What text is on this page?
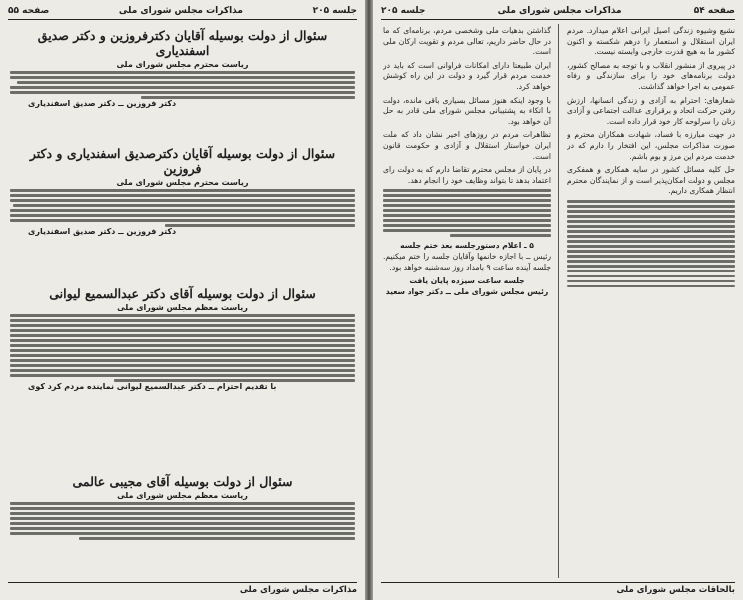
جلسه ۲۰۵
مذاکرات مجلس شورای ملی
صفحه ۵۵
سئوال از دولت بوسیله آقایان دکترفروزین و دکتر صدیق اسفندیاری
ریاست محترم مجلس شورای ملی
دکتر فروزین ــ دکتر صدیق اسفندیاری
سئوال از دولت بوسیله آقایان دکترصدیق اسفندیاری و دکتر فروزین
ریاست محترم مجلس شورای ملی
دکتر فروزین ــ دکتر صدیق اسفندیاری
سئوال از دولت بوسیله آقای دکتر عبدالسمیع لیوانی
ریاست معظم مجلس شورای ملی
با تقدیم احترام ــ دکتر عبدالسمیع لیوانی نماینده مردم کرد کوی
سئوال از دولت بوسیله آقای مجیبی عالمی
ریاست معظم مجلس شورای ملی
مذاکرات مجلس شورای ملی
صفحه ۵۴
مذاکرات مجلس شورای ملی
جلسه ۲۰۵

نشیع وشیوه زندگی اصیل ایرانی اعلام میدارد. مردم ایران استقلال و استعمار را درهم شکسته و اکنون کشور ما به هیچ قدرت خارجی وابسته نیست.

در پیروی از منشور انقلاب و با توجه به مصالح کشور، دولت برنامه‌های خود را برای سازندگی و رفاه عمومی به اجرا خواهد گذاشت.

شعارهای: احترام به آزادی و زندگی انسانها، ارزش رفتن حرکت اتحاد و برقراری عدالت اجتماعی و آزادی زنان را سرلوحه کار خود قرار داده است.

در جهت مبارزه با فساد، شهادت همکاران محترم و صورت مذاکرات مجلس، این افتخار را دارم که در خدمت مردم این مرز و بوم باشم.

حل کلیه مسائل کشور در سایه همکاری و همفکری مجلس و دولت امکان‌پذیر است و از نمایندگان محترم انتظار همکاری داریم.

گذاشتن بدهیات ملی وشخصی مردم، برنامه‌ای که ما در حال حاضر داریم، تعالی مردم و تقویت ارکان ملی است.

ایران طبیعتا دارای امکانات فراوانی است که باید در خدمت مردم قرار گیرد و دولت در این راه کوشش خواهد کرد.

با وجود اینکه هنوز مسائل بسیاری باقی مانده، دولت با اتکاء به پشتیبانی مجلس شورای ملی قادر به حل آن خواهد بود.

تظاهرات مردم در روزهای اخیر نشان داد که ملت ایران خواستار استقلال و آزادی و حکومت قانون است.

در پایان از مجلس محترم تقاضا دارم که به دولت رای اعتماد بدهد تا بتواند وظایف خود را انجام دهد.

۵ ـ اعلام دستورجلسه بعد ختم جلسه

رئیس ــ با اجازه خانمها وآقایان جلسه را ختم میکنیم. جلسه آینده ساعت ۹ بامداد روز سه‌شنبه خواهد بود.

جلسه ساعت سیزده پایان یافت
رئیس مجلس شورای ملی ــ دکتر جواد سعید
بالحاقات مجلس شورای ملی
